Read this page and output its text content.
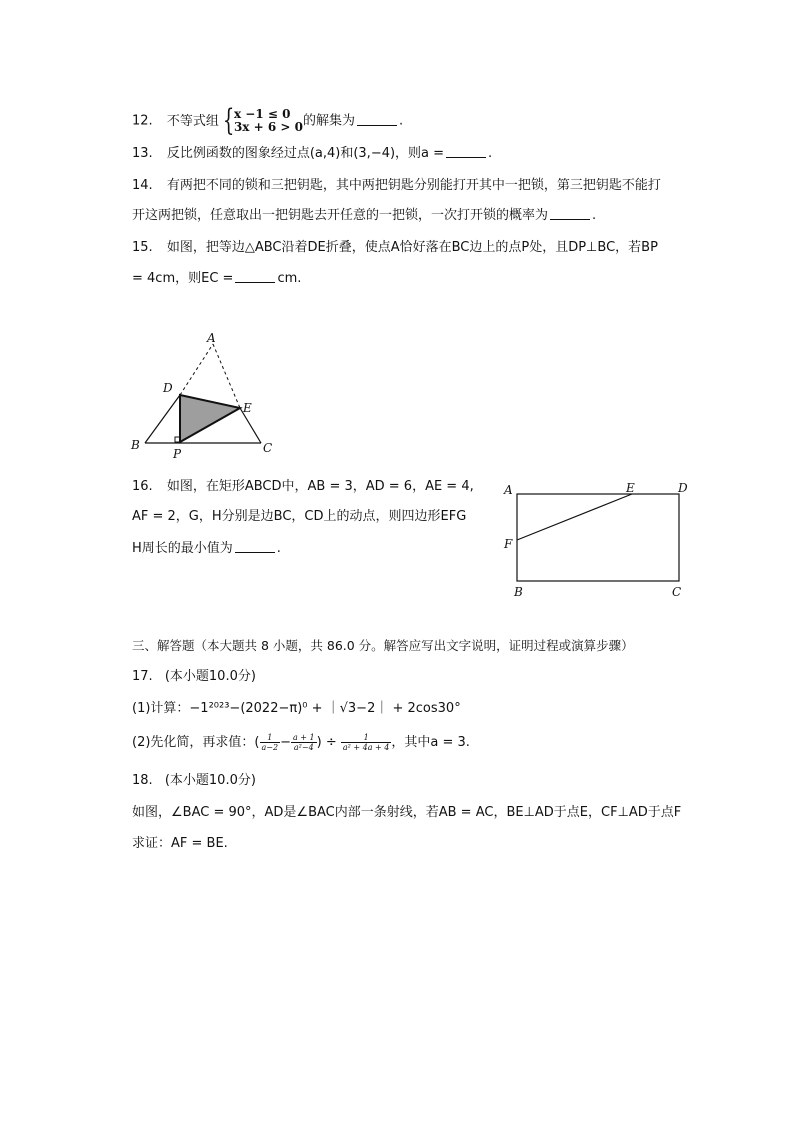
12. 不等式组 { x −1 ≤ 0
3x + 6 > 0 的解集为	.
13. 反比例函数的图象经过点(a,4)和(3,−4)，则a =	.
14. 有两把不同的锁和三把钥匙，其中两把钥匙分别能打开其中一把锁，第三把钥匙不能打
开这两把锁，任意取出一把钥匙去开任意的一把锁，一次打开锁的概率为	.
15. 如图，把等边△ABC沿着DE折叠，使点A恰好落在BC边上的点P处，且DP⊥BC，若BP
= 4cm，则EC =	cm.
A
D
E
B	C
P
16. 如图，在矩形ABCD中，AB = 3，AD = 6，AE = 4,
AF = 2，G，H分别是边BC，CD上的动点，则四边形EFG
H周长的最小值为	.
A	E	D
F
B	C
三、解答题（本大题共 8 小题，共 86.0 分。解答应写出文字说明，证明过程或演算步骤）
17. (本小题10.0分)
(1)计算：−1²⁰²³−(2022−π)⁰ + ｜√3−2｜ + 2cos30°
(2)先化简，再求值：( $\frac{1}{a-2} - \frac{a + 1}{\text{a²−4}}$ ) ÷ $\frac{1}{\text{a² + 4a + 4}}$ ，其中a = 3.
18. (本小题10.0分)
如图，∠BAC = 90°，AD是∠BAC内部一条射线，若AB = AC，BE⊥AD于点E，CF⊥AD于点F
求证：AF = BE.
